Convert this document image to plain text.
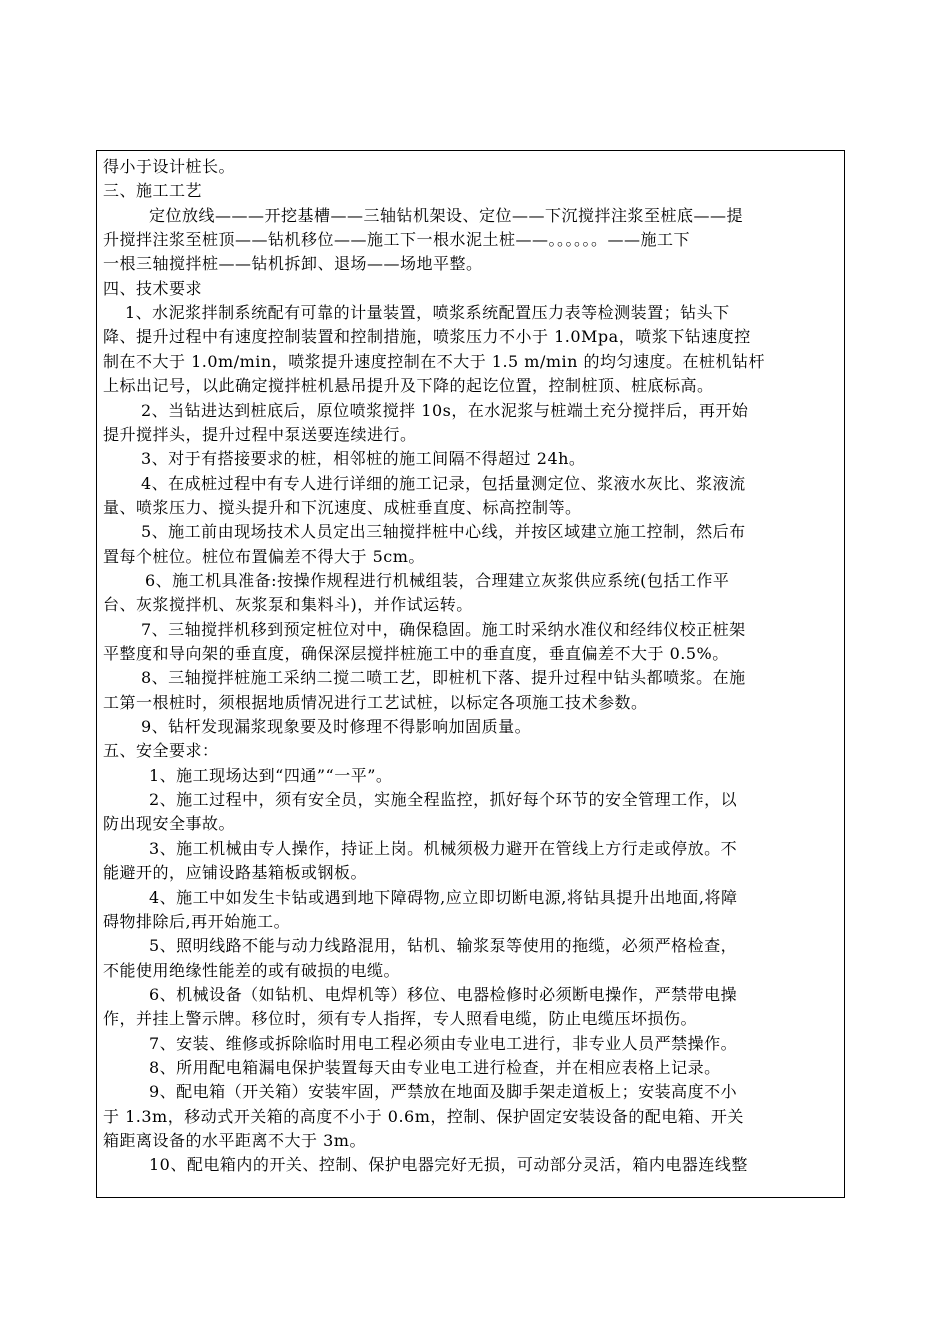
得小于设计桩长。
三、施工工艺
定位放线———开挖基槽——三轴钻机架设、定位——下沉搅拌注浆至桩底——提
升搅拌注浆至桩顶——钻机移位——施工下一根水泥土桩——。。。。。。——施工下
一根三轴搅拌桩——钻机拆卸、退场——场地平整。
四、技术要求
1、水泥浆拌制系统配有可靠的计量装置，喷浆系统配置压力表等检测装置；钻头下
降、提升过程中有速度控制装置和控制措施，喷浆压力不小于 1.0Mpa，喷浆下钻速度控
制在不大于 1.0m/min，喷浆提升速度控制在不大于 1.5 m/min 的均匀速度。在桩机钻杆
上标出记号，以此确定搅拌桩机悬吊提升及下降的起讫位置，控制桩顶、桩底标高。
2、当钻进达到桩底后，原位喷浆搅拌 10s，在水泥浆与桩端土充分搅拌后，再开始
提升搅拌头，提升过程中泵送要连续进行。
3、对于有搭接要求的桩，相邻桩的施工间隔不得超过 24h。
4、在成桩过程中有专人进行详细的施工记录，包括量测定位、浆液水灰比、浆液流
量、喷浆压力、搅头提升和下沉速度、成桩垂直度、标高控制等。
5、施工前由现场技术人员定出三轴搅拌桩中心线，并按区域建立施工控制，然后布
置每个桩位。桩位布置偏差不得大于 5cm。
6、施工机具准备:按操作规程进行机械组装，合理建立灰浆供应系统(包括工作平
台、灰浆搅拌机、灰浆泵和集料斗)，并作试运转。
7、三轴搅拌机移到预定桩位对中，确保稳固。施工时采纳水准仪和经纬仪校正桩架
平整度和导向架的垂直度，确保深层搅拌桩施工中的垂直度，垂直偏差不大于 0.5%。
8、三轴搅拌桩施工采纳二搅二喷工艺，即桩机下落、提升过程中钻头都喷浆。在施
工第一根桩时，须根据地质情况进行工艺试桩，以标定各项施工技术参数。
9、钻杆发现漏浆现象要及时修理不得影响加固质量。
五、安全要求：
1、施工现场达到“四通”“一平”。
2、施工过程中，须有安全员，实施全程监控，抓好每个环节的安全管理工作，以
防出现安全事故。
3、施工机械由专人操作，持证上岗。机械须极力避开在管线上方行走或停放。不
能避开的，应铺设路基箱板或钢板。
4、施工中如发生卡钻或遇到地下障碍物,应立即切断电源,将钻具提升出地面,将障
碍物排除后,再开始施工。
5、照明线路不能与动力线路混用，钻机、输浆泵等使用的拖缆，必须严格检查，
不能使用绝缘性能差的或有破损的电缆。
6、机械设备（如钻机、电焊机等）移位、电器检修时必须断电操作，严禁带电操
作，并挂上警示牌。移位时，须有专人指挥，专人照看电缆，防止电缆压坏损伤。
7、安装、维修或拆除临时用电工程必须由专业电工进行，非专业人员严禁操作。
8、所用配电箱漏电保护装置每天由专业电工进行检查，并在相应表格上记录。
9、配电箱（开关箱）安装牢固，严禁放在地面及脚手架走道板上；安装高度不小
于 1.3m，移动式开关箱的高度不小于 0.6m，控制、保护固定安装设备的配电箱、开关
箱距离设备的水平距离不大于 3m。
10、配电箱内的开关、控制、保护电器完好无损，可动部分灵活，箱内电器连线整
